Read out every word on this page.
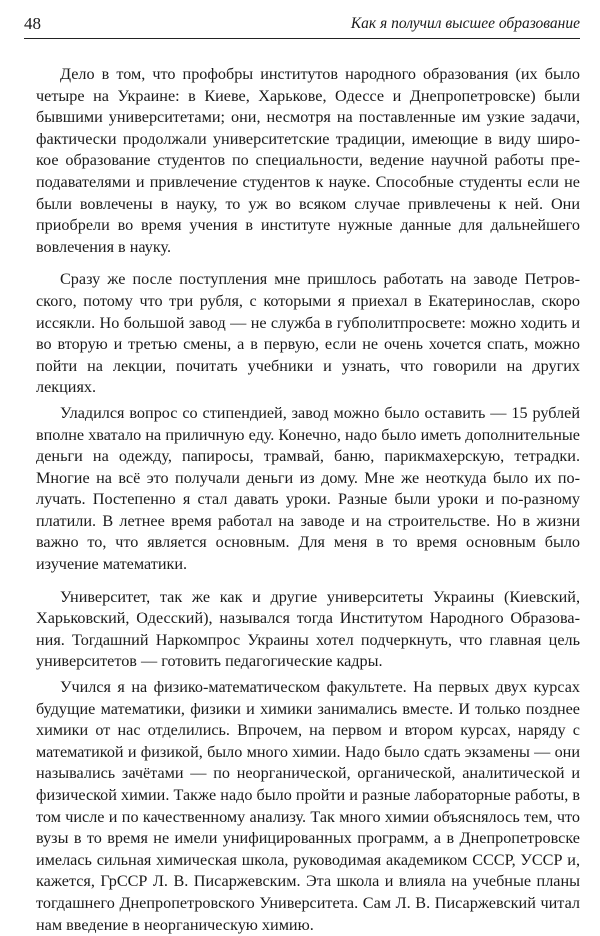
48	Как я получил высшее образование

Дело в том, что профобры институтов народного образования (их было четыре на Украине: в Киеве, Харькове, Одессе и Днепропетровске) были бывшими университетами; они, несмотря на поставленные им узкие задачи, фактически продолжали университетские традиции, имеющие в виду широкое образование студентов по специальности, ведение научной работы преподавателями и привлечение студентов к науке. Способные студенты если не были вовлечены в науку, то уж во всяком случае привлечены к ней. Они приобрели во время учения в институте нужные данные для дальнейшего вовлечения в науку.

Сразу же после поступления мне пришлось работать на заводе Петровского, потому что три рубля, с которыми я приехал в Екатеринослав, скоро иссякли. Но большой завод — не служба в губполитпросвете: можно ходить и во вторую и третью смены, а в первую, если не очень хочется спать, можно пойти на лекции, почитать учебники и узнать, что говорили на других лекциях.

Уладился вопрос со стипендией, завод можно было оставить — 15 рублей вполне хватало на приличную еду. Конечно, надо было иметь дополнительные деньги на одежду, папиросы, трамвай, баню, парикмахерскую, тетрадки. Многие на всё это получали деньги из дому. Мне же неоткуда было их получать. Постепенно я стал давать уроки. Разные были уроки и по-разному платили. В летнее время работал на заводе и на строительстве. Но в жизни важно то, что является основным. Для меня в то время основным было изучение математики.

Университет, так же как и другие университеты Украины (Киевский, Харьковский, Одесский), назывался тогда Институтом Народного Образования. Тогдашний Наркомпрос Украины хотел подчеркнуть, что главная цель университетов — готовить педагогические кадры.

Учился я на физико-математическом факультете. На первых двух курсах будущие математики, физики и химики занимались вместе. И только позднее химики от нас отделились. Впрочем, на первом и втором курсах, наряду с математикой и физикой, было много химии. Надо было сдать экзамены — они назывались зачётами — по неорганической, органической, аналитической и физической химии. Также надо было пройти и разные лабораторные работы, в том числе и по качественному анализу. Так много химии объяснялось тем, что вузы в то время не имели унифицированных программ, а в Днепропетровске имелась сильная химическая школа, руководимая академиком СССР, УССР и, кажется, ГрССР Л. В. Писаржевским. Эта школа и влияла на учебные планы тогдашнего Днепропетровского Университета. Сам Л. В. Писаржевский читал нам введение в неорганическую химию.
